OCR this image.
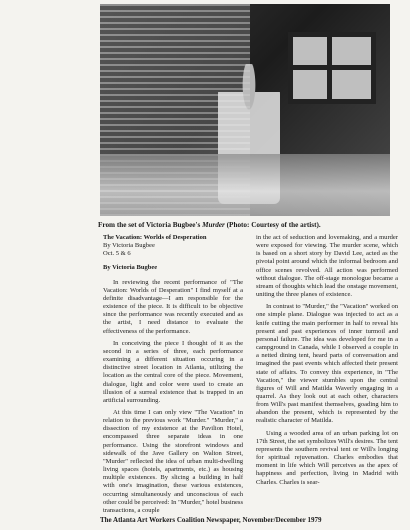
From the set of Victoria Bugbee's Murder (Photo: Courtesy of the artist).
The Vacation: Worlds of Desperation
By Victoria Bugbee
Oct. 5 & 6
By Victoria Bugbee

In reviewing the recent performance of "The Vacation: Worlds of Desperation" I find myself at a definite disadvantage—I am responsible for the existence of the piece. It is difficult to be objective since the performance was recently executed and as the artist, I need distance to evaluate the effectiveness of the performance.

In conceiving the piece I thought of it as the second in a series of three, each performance examining a different situation occuring in a distinctive street location in Atlanta, utilizing the location as the central core of the piece. Movement, dialogue, light and color were used to create an illusion of a surreal existence that is trapped in an artificial surrounding.

At this time I can only view "The Vacation" in relation to the previous work "Murder." "Murder," a dissection of my existence at the Pavilion Hotel, encompassed three separate ideas in one performance. Using the storefront windows and sidewalk of the Jave Gallery on Walton Street, "Murder" reflected the idea of urban multi-dwelling living spaces (hotels, apartments, etc.) as housing multiple existences. By slicing a building in half with one's imagination, these various existences, occurring simultaneously and unconscious of each other could be perceived: In "Murder," hotel business transactions, a couple

in the act of seduction and lovemaking, and a murder were exposed for viewing. The murder scene, which is based on a short story by David Lee, acted as the pivotal point around which the informal bedroom and office scenes revolved. All action was performed without dialogue. The off-stage monologue became a stream of thoughts which lead the onstage movement, uniting the three planes of existence.

In contrast to "Murder," the "Vacation" worked on one simple plane. Dialogue was injected to act as a knife cutting the main performer in half to reveal his present and past experiences of inner turmoil and personal failure. The idea was developed for me in a campground in Canada, while I observed a couple in a netted dining tent, heard parts of conversation and imagined the past events which affected their present state of affairs. To convey this experience, in "The Vacation," the viewer stumbles upon the central figures of Will and Matilda Waverly engaging in a quarrel. As they look out at each other, characters from Will's past manifest themselves, goading him to abandon the present, which is represented by the realistic character of Matilda.

Using a wooded area of an urban parking lot on 17th Street, the set symbolizes Will's desires. The tent represents the southern revival tent or Will's longing for spiritual rejuvenation. Charles embodies that moment in life which Will perceives as the apex of happiness and perfection, living in Madrid with Charles. Charles is sear-

The Atlanta Art Workers Coalition Newspaper, November/December 1979
